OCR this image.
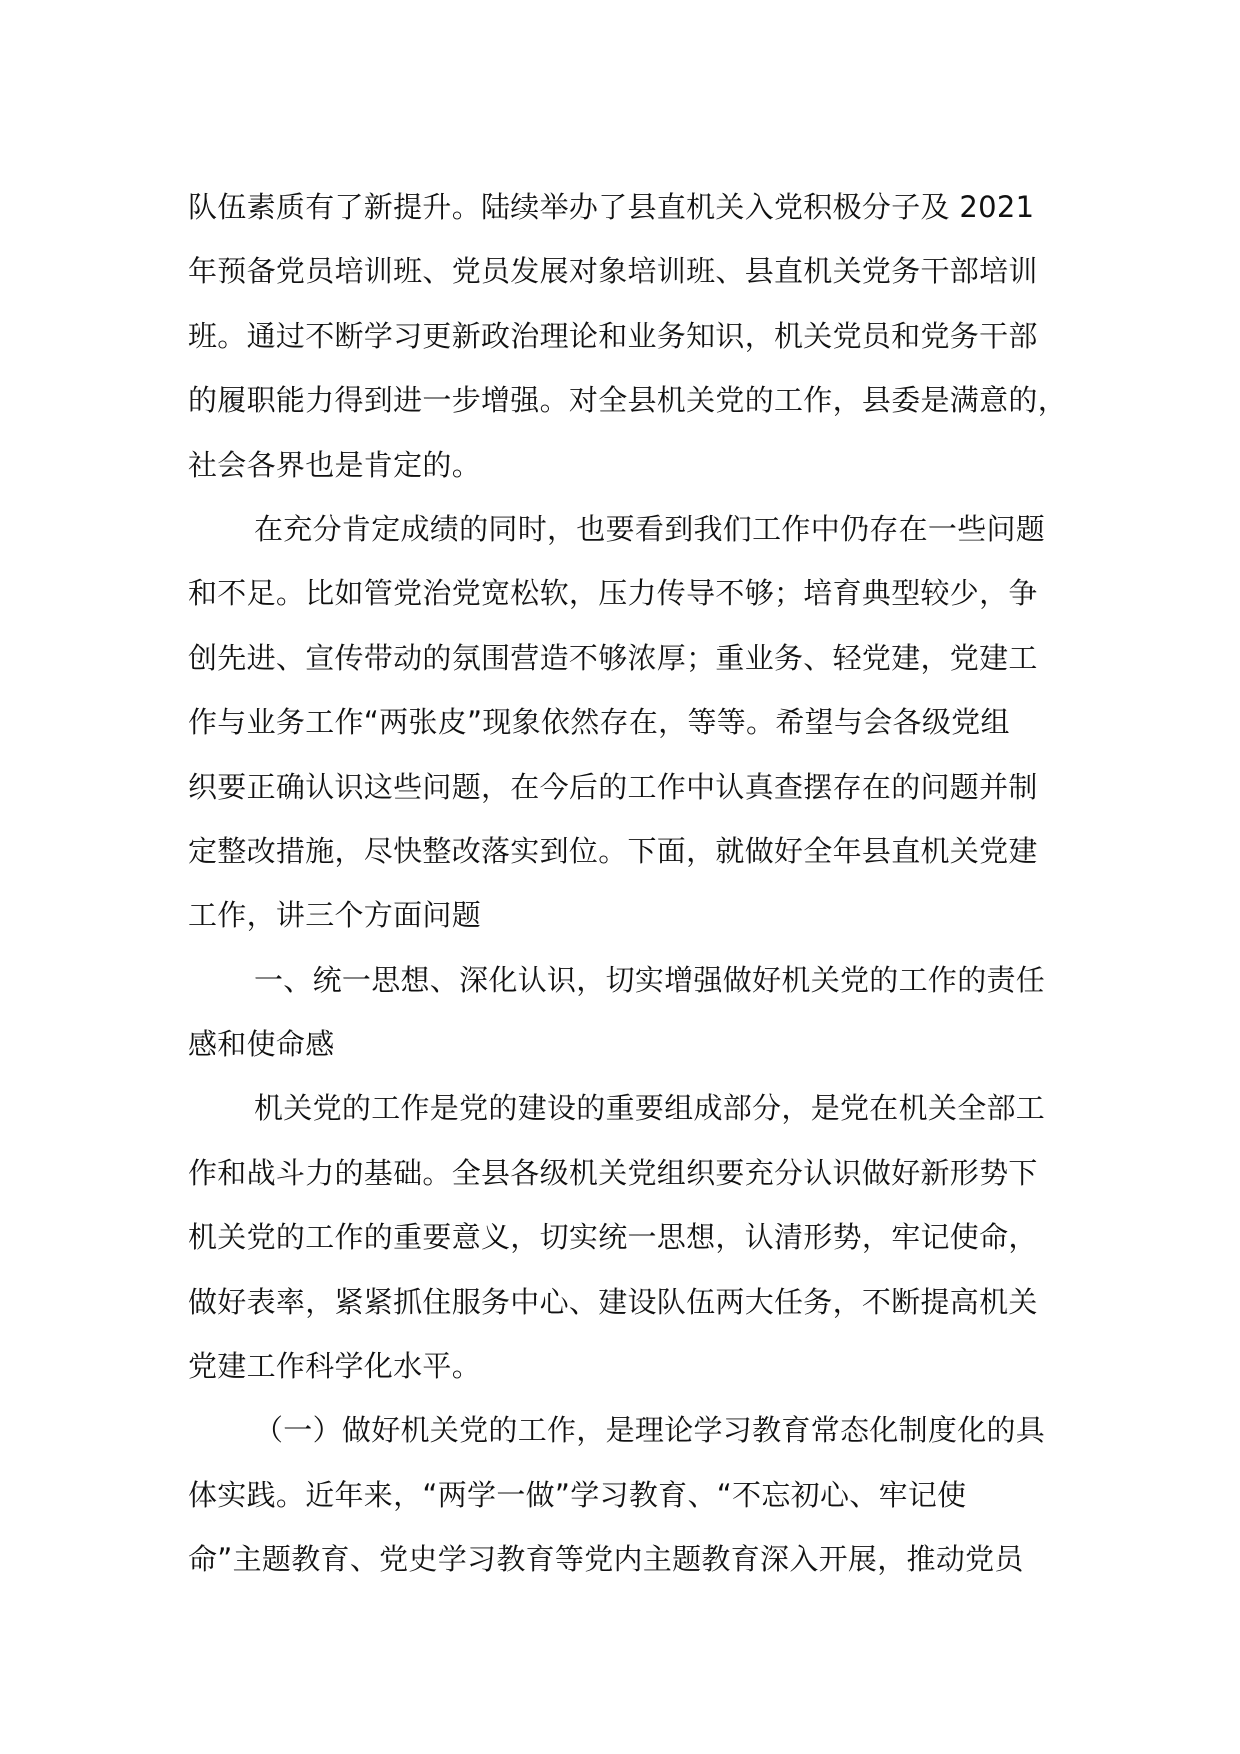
队伍素质有了新提升。陆续举办了县直机关入党积极分子及 2021
年预备党员培训班、党员发展对象培训班、县直机关党务干部培训
班。通过不断学习更新政治理论和业务知识，机关党员和党务干部
的履职能力得到进一步增强。对全县机关党的工作，县委是满意的，
社会各界也是肯定的。
在充分肯定成绩的同时，也要看到我们工作中仍存在一些问题
和不足。比如管党治党宽松软，压力传导不够；培育典型较少，争
创先进、宣传带动的氛围营造不够浓厚；重业务、轻党建，党建工
作与业务工作“两张皮”现象依然存在，等等。希望与会各级党组
织要正确认识这些问题，在今后的工作中认真查摆存在的问题并制
定整改措施，尽快整改落实到位。下面，就做好全年县直机关党建
工作，讲三个方面问题
一、统一思想、深化认识，切实增强做好机关党的工作的责任
感和使命感
机关党的工作是党的建设的重要组成部分，是党在机关全部工
作和战斗力的基础。全县各级机关党组织要充分认识做好新形势下
机关党的工作的重要意义，切实统一思想，认清形势，牢记使命，
做好表率，紧紧抓住服务中心、建设队伍两大任务，不断提高机关
党建工作科学化水平。
（一）做好机关党的工作，是理论学习教育常态化制度化的具
体实践。近年来，“两学一做”学习教育、“不忘初心、牢记使
命”主题教育、党史学习教育等党内主题教育深入开展，推动党员
